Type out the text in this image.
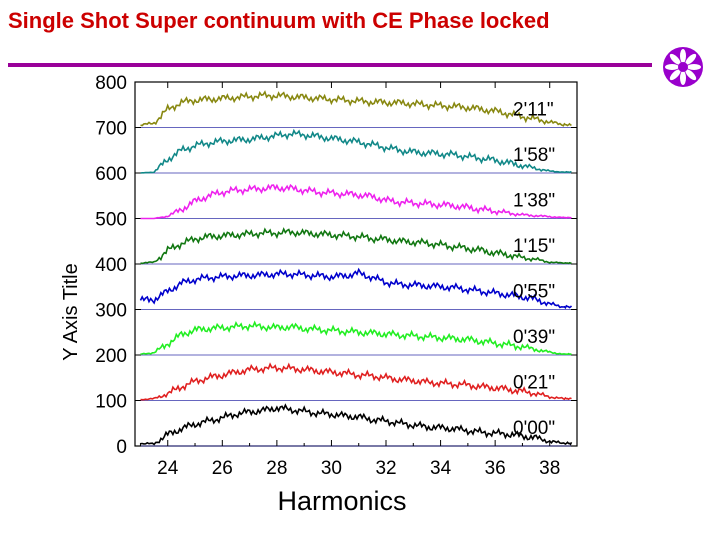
Single Shot Super continuum with CE Phase locked
0
100
200
300
400
500
600
700
800
24 26 28 30 32 34 36 38
Harmonics
Y Axis Title
0'00"
0'21"
0'39"
0'55"
1'15"
1'38"
1'58"
2'11"
